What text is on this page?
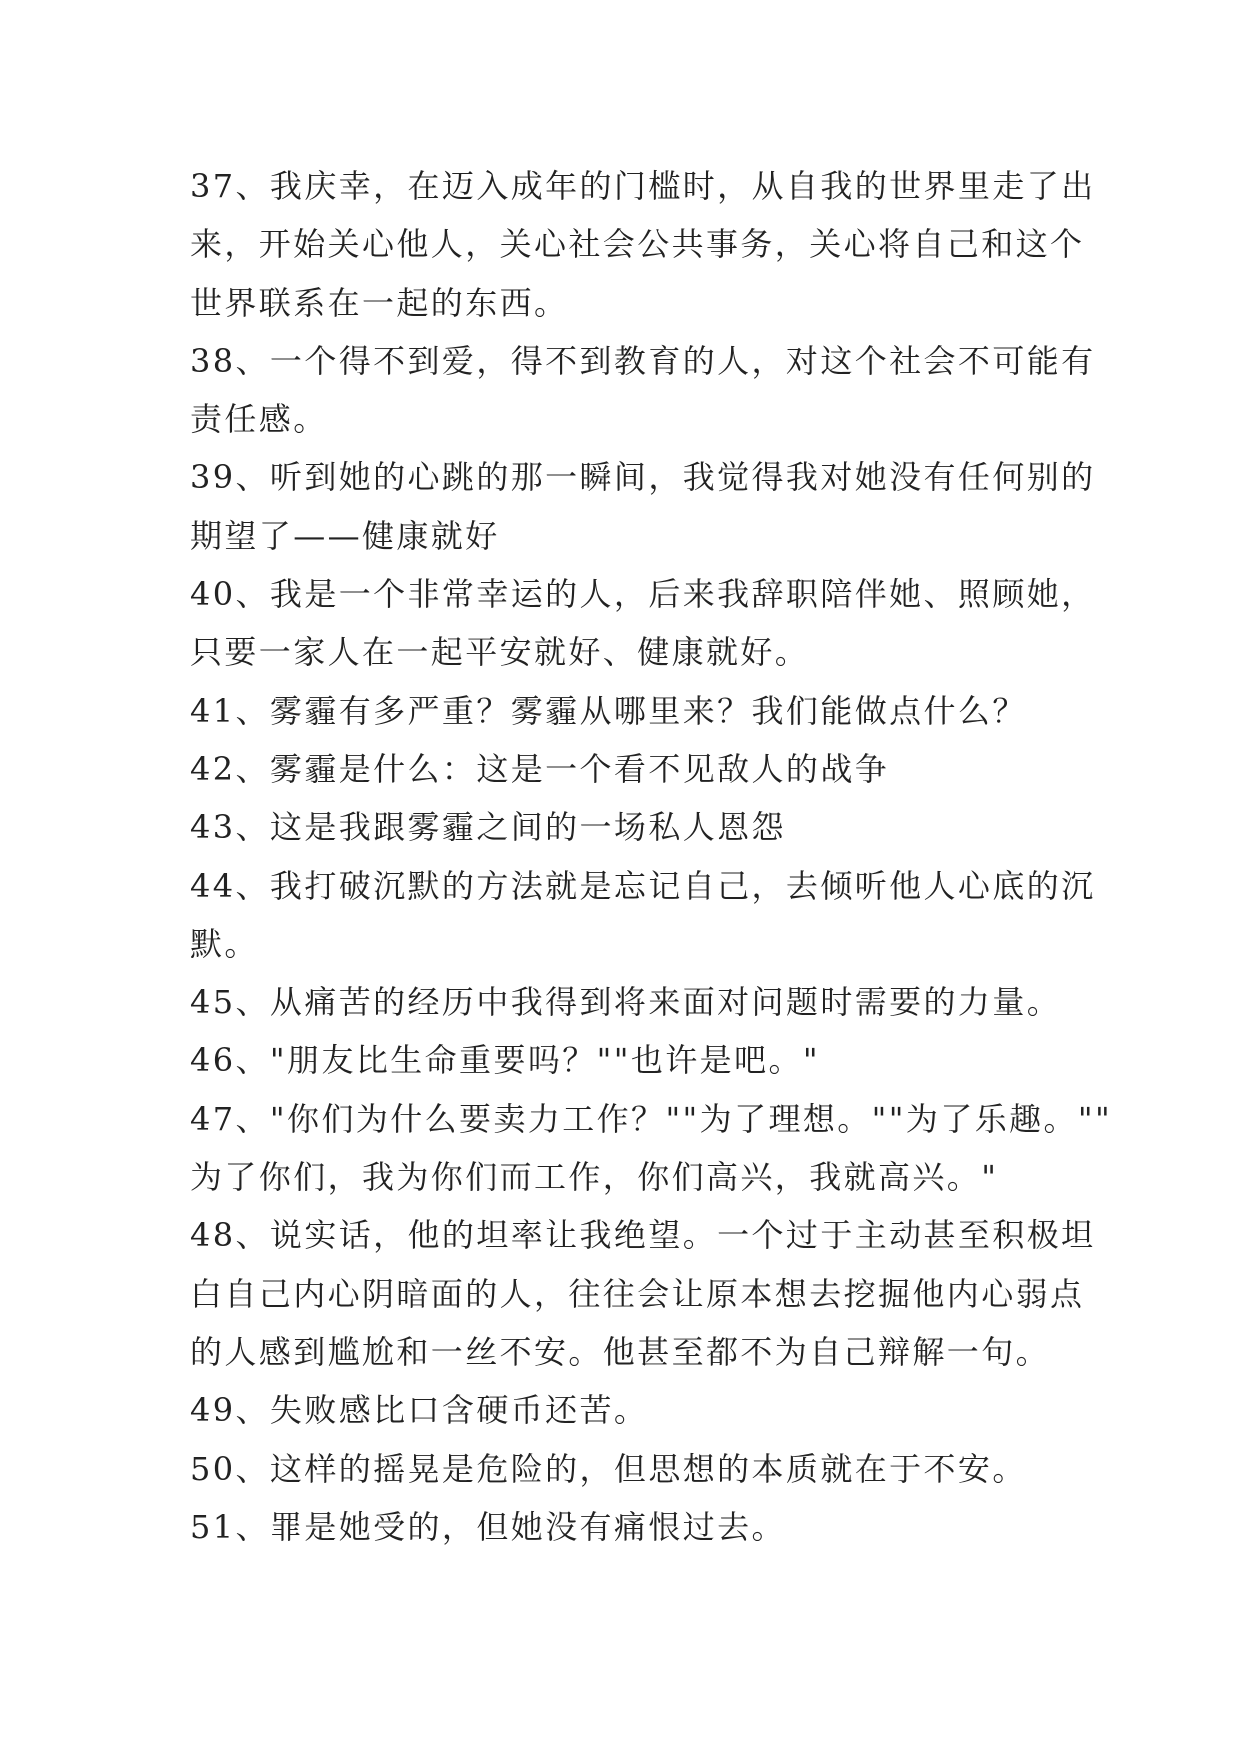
37、我庆幸，在迈入成年的门槛时，从自我的世界里走了出
来，开始关心他人，关心社会公共事务，关心将自己和这个
世界联系在一起的东西。
38、一个得不到爱，得不到教育的人，对这个社会不可能有
责任感。
39、听到她的心跳的那一瞬间，我觉得我对她没有任何别的
期望了——健康就好
40、我是一个非常幸运的人，后来我辞职陪伴她、照顾她，
只要一家人在一起平安就好、健康就好。
41、雾霾有多严重？雾霾从哪里来？我们能做点什么？
42、雾霾是什么：这是一个看不见敌人的战争
43、这是我跟雾霾之间的一场私人恩怨
44、我打破沉默的方法就是忘记自己，去倾听他人心底的沉
默。
45、从痛苦的经历中我得到将来面对问题时需要的力量。
46、"朋友比生命重要吗？""也许是吧。"
47、"你们为什么要卖力工作？""为了理想。""为了乐趣。""
为了你们，我为你们而工作，你们高兴，我就高兴。"
48、说实话，他的坦率让我绝望。一个过于主动甚至积极坦
白自己内心阴暗面的人，往往会让原本想去挖掘他内心弱点
的人感到尴尬和一丝不安。他甚至都不为自己辩解一句。
49、失败感比口含硬币还苦。
50、这样的摇晃是危险的，但思想的本质就在于不安。
51、罪是她受的，但她没有痛恨过去。
